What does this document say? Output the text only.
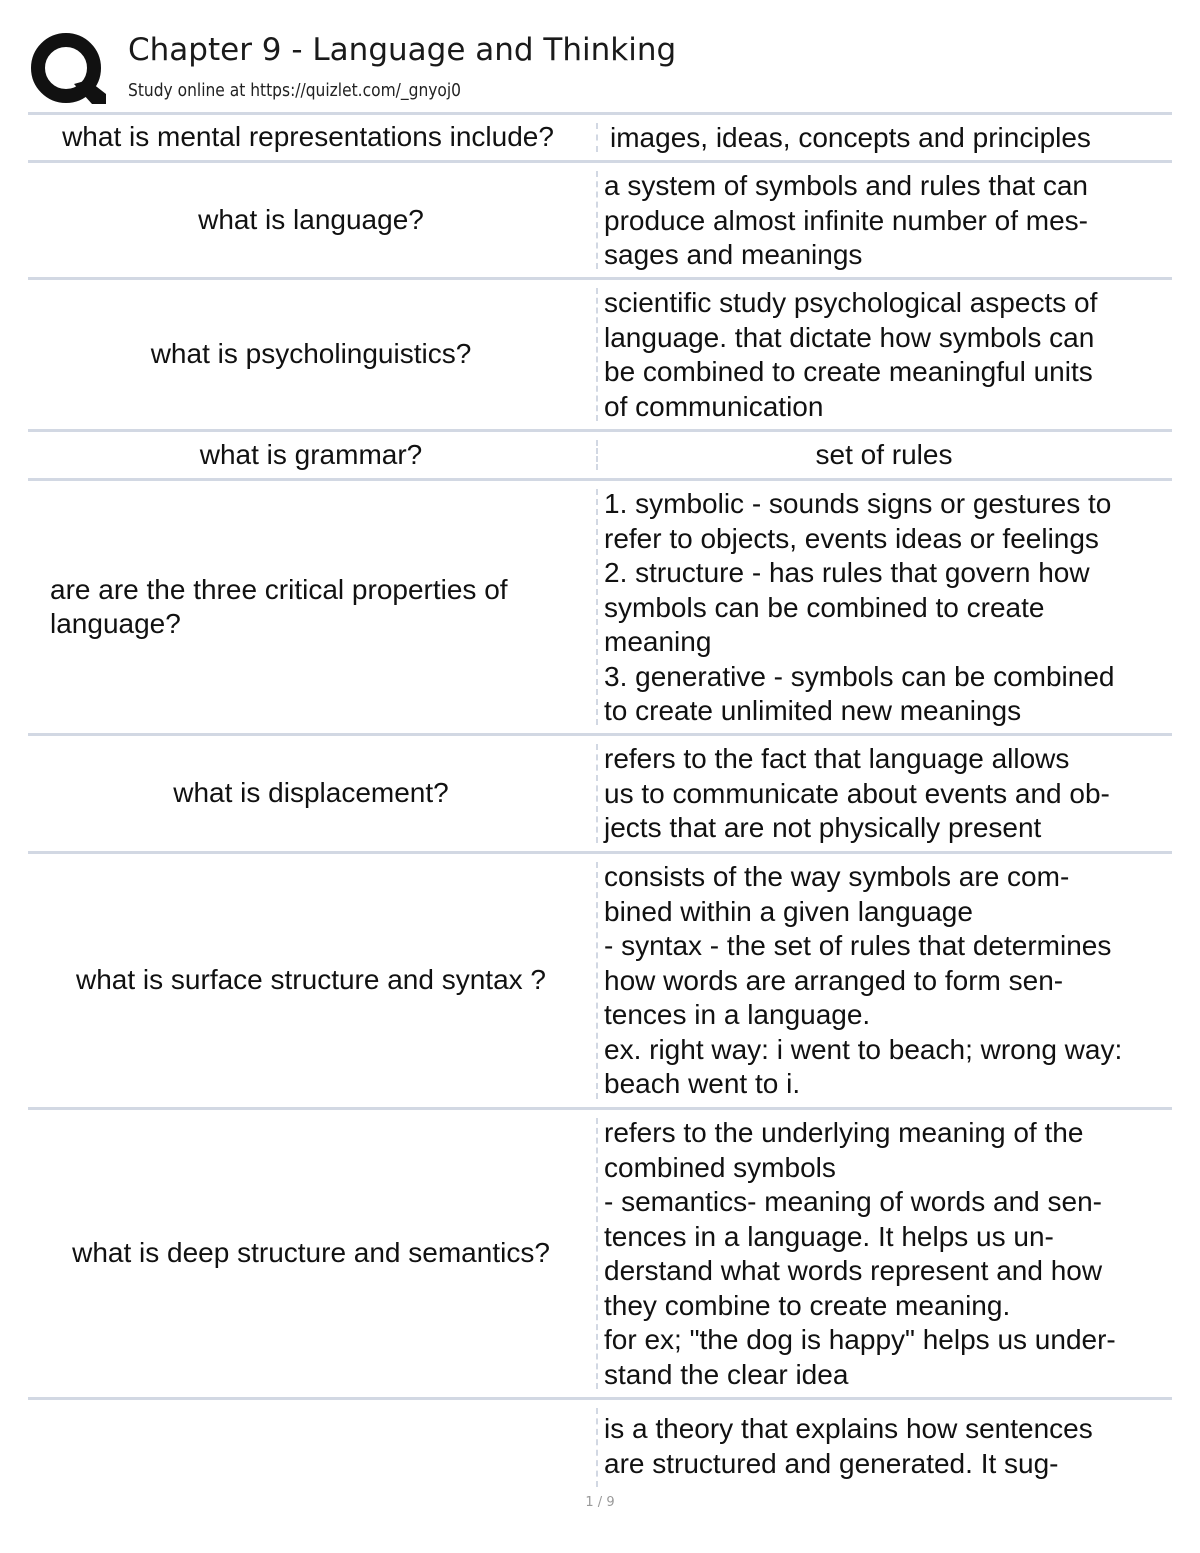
Chapter 9 - Language and Thinking
Study online at https://quizlet.com/_gnyoj0
what is mental representations include?	images, ideas, concepts and principles
what is language?
a system of symbols and rules that can
produce almost infinite number of mes-
sages and meanings
what is psycholinguistics?
scientific study psychological aspects of
language. that dictate how symbols can
be combined to create meaningful units
of communication
what is grammar?	set of rules
are are the three critical properties of language?
1. symbolic - sounds signs or gestures to
refer to objects, events ideas or feelings
2. structure - has rules that govern how
symbols can be combined to create
meaning
3. generative - symbols can be combined
to create unlimited new meanings
what is displacement?
refers to the fact that language allows
us to communicate about events and ob-
jects that are not physically present
what is surface structure and syntax ?
consists of the way symbols are com-
bined within a given language
- syntax - the set of rules that determines
how words are arranged to form sen-
tences in a language.
ex. right way: i went to beach; wrong way:
beach went to i.
what is deep structure and semantics?
refers to the underlying meaning of the
combined symbols
- semantics- meaning of words and sen-
tences in a language. It helps us un-
derstand what words represent and how
they combine to create meaning.
for ex; "the dog is happy" helps us under-
stand the clear idea
is a theory that explains how sentences
are structured and generated. It sug-
1 / 9
